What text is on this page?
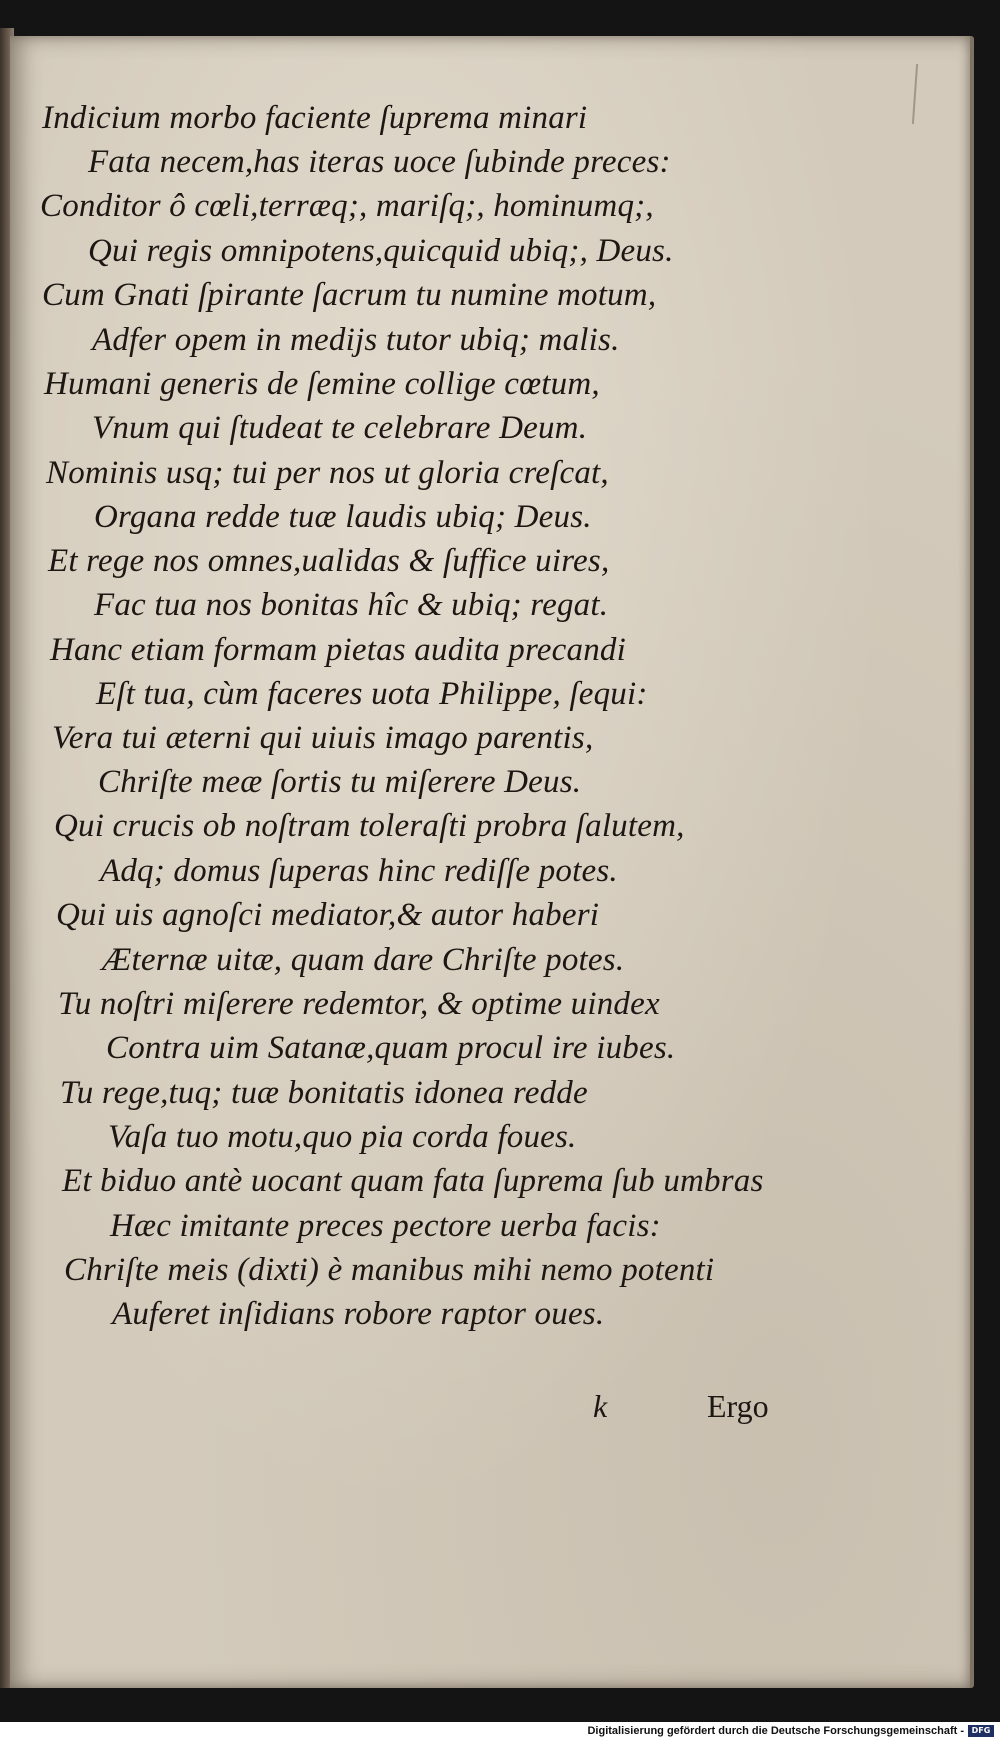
Indicium morbo faciente ſuprema minari
Fata necem,has iteras uoce ſubinde preces:
Conditor ô cœli,terræq;, mariſq;, hominumq;,
Qui regis omnipotens,quicquid ubiq;, Deus.
Cum Gnati ſpirante ſacrum tu numine motum,
Adfer opem in medijs tutor ubiq; malis.
Humani generis de ſemine collige cœtum,
Vnum qui ſtudeat te celebrare Deum.
Nominis usq; tui per nos ut gloria creſcat,
Organa redde tuæ laudis ubiq; Deus.
Et rege nos omnes,ualidas & ſuffice uires,
Fac tua nos bonitas hîc & ubiq; regat.
Hanc etiam formam pietas audita precandi
Eſt tua, cùm faceres uota Philippe, ſequi:
Vera tui æterni qui uiuis imago parentis,
Chriſte meæ ſortis tu miſerere Deus.
Qui crucis ob noſtram toleraſti probra ſalutem,
Adq; domus ſuperas hinc rediſſe potes.
Qui uis agnoſci mediator,& autor haberi
Æternæ uitæ, quam dare Chriſte potes.
Tu noſtri miſerere redemtor, & optime uindex
Contra uim Satanæ,quam procul ire iubes.
Tu rege,tuq; tuæ bonitatis idonea redde
Vaſa tuo motu,quo pia corda foues.
Et biduo antè uocant quam fata ſuprema ſub umbras
Hæc imitante preces pectore uerba facis:
Chriſte meis (dixti) è manibus mihi nemo potenti
Auferet inſidians robore raptor oues.
k	Ergo
Digitalisierung gefördert durch die Deutsche Forschungsgemeinschaft - DFG
